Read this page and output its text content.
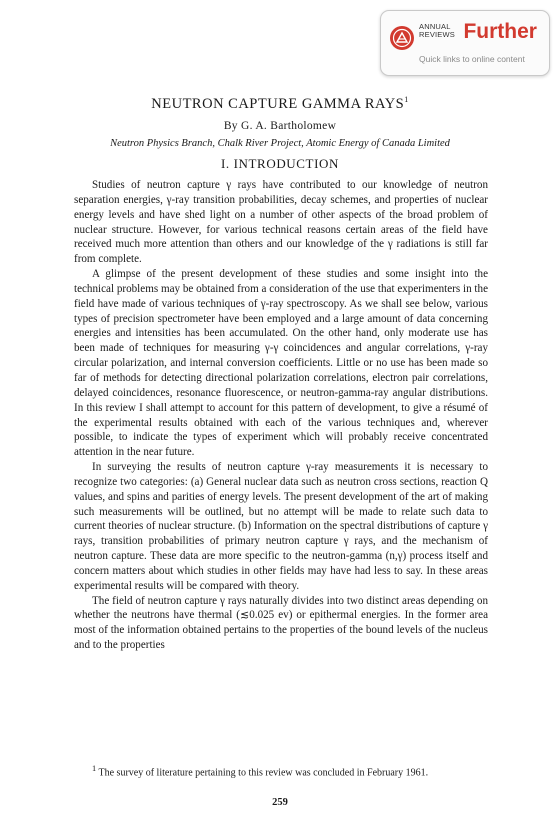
ANNUAL
REVIEWS Further
Quick links to online content
NEUTRON CAPTURE GAMMA RAYS$^1$
By G. A. Bartholomew
Neutron Physics Branch, Chalk River Project, Atomic Energy of Canada Limited
I. INTRODUCTION

Studies of neutron capture γ rays have contributed to our knowledge of neutron separation energies, γ-ray transition probabilities, decay schemes, and properties of nuclear energy levels and have shed light on a number of other aspects of the broad problem of nuclear structure. However, for various technical reasons certain areas of the field have received much more attention than others and our knowledge of the γ radiations is still far from complete.

A glimpse of the present development of these studies and some insight into the technical problems may be obtained from a consideration of the use that experimenters in the field have made of various techniques of γ-ray spectroscopy. As we shall see below, various types of precision spectrometer have been employed and a large amount of data concerning energies and intensities has been accumulated. On the other hand, only moderate use has been made of techniques for measuring γ-γ coincidences and angular correlations, γ-ray circular polarization, and internal conversion coefficients. Little or no use has been made so far of methods for detecting directional polarization correlations, electron pair correlations, delayed coincidences, resonance fluorescence, or neutron-gamma-ray angular distributions. In this review I shall attempt to account for this pattern of development, to give a résumé of the experimental results obtained with each of the various techniques and, wherever possible, to indicate the types of experiment which will probably receive concentrated attention in the near future.

In surveying the results of neutron capture γ-ray measurements it is necessary to recognize two categories: (a) General nuclear data such as neutron cross sections, reaction Q values, and spins and parities of energy levels. The present development of the art of making such measurements will be outlined, but no attempt will be made to relate such data to current theories of nuclear structure. (b) Information on the spectral distributions of capture γ rays, transition probabilities of primary neutron capture γ rays, and the mechanism of neutron capture. These data are more specific to the neutron-gamma (n,γ) process itself and concern matters about which studies in other fields may have had less to say. In these areas experimental results will be compared with theory.

The field of neutron capture γ rays naturally divides into two distinct areas depending on whether the neutrons have thermal (≲0.025 ev) or epithermal energies. In the former area most of the information obtained pertains to the properties of the bound levels of the nucleus and to the properties

$^1$ The survey of literature pertaining to this review was concluded in February 1961.
259
